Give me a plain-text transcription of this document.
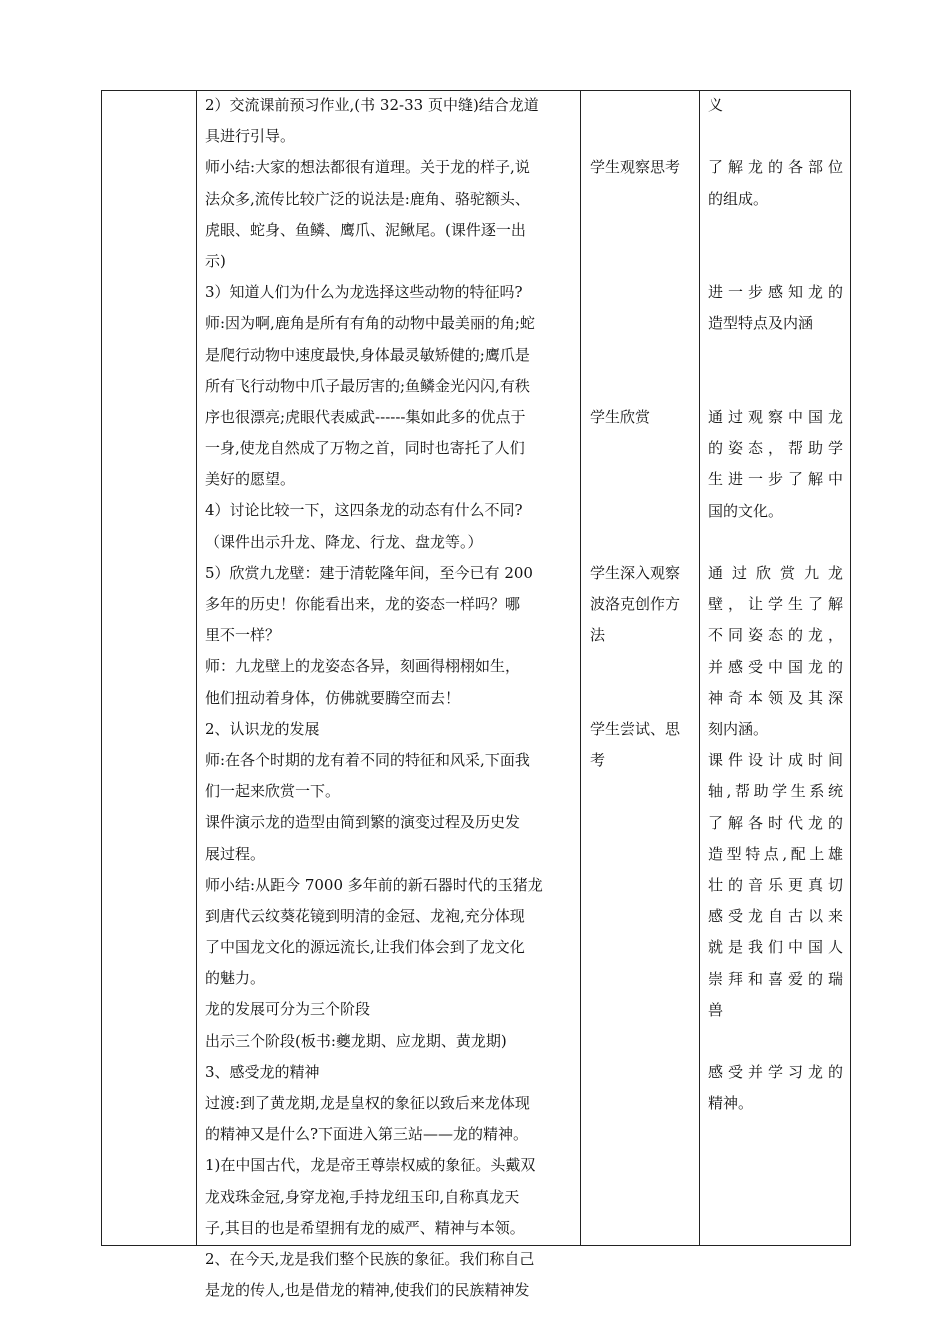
2）交流课前预习作业,(书 32-33 页中缝)结合龙道
具进行引导。
师小结:大家的想法都很有道理。关于龙的样子,说
法众多,流传比较广泛的说法是:鹿角、骆驼额头、
虎眼、蛇身、鱼鳞、鹰爪、泥鳅尾。(课件逐一出
示)
3）知道人们为什么为龙选择这些动物的特征吗?
师:因为啊,鹿角是所有有角的动物中最美丽的角;蛇
是爬行动物中速度最快,身体最灵敏矫健的;鹰爪是
所有飞行动物中爪子最厉害的;鱼鳞金光闪闪,有秩
序也很漂亮;虎眼代表威武------集如此多的优点于
一身,使龙自然成了万物之首，同时也寄托了人们
美好的愿望。
4）讨论比较一下，这四条龙的动态有什么不同?
（课件出示升龙、降龙、行龙、盘龙等。）
5）欣赏九龙壁：建于清乾隆年间，至今已有 200
多年的历史！你能看出来，龙的姿态一样吗？哪
里不一样？
师：九龙壁上的龙姿态各异，刻画得栩栩如生，
他们扭动着身体，仿佛就要腾空而去！
2、认识龙的发展
师:在各个时期的龙有着不同的特征和风采,下面我
们一起来欣赏一下。
课件演示龙的造型由简到繁的演变过程及历史发
展过程。
师小结:从距今 7000 多年前的新石器时代的玉猪龙
到唐代云纹葵花镜到明清的金冠、龙袍,充分体现
了中国龙文化的源远流长,让我们体会到了龙文化
的魅力。
龙的发展可分为三个阶段
出示三个阶段(板书:夔龙期、应龙期、黄龙期)
3、感受龙的精神
过渡:到了黄龙期,龙是皇权的象征以致后来龙体现
的精神又是什么?下面进入第三站——龙的精神。
1)在中国古代，龙是帝王尊崇权威的象征。头戴双
龙戏珠金冠,身穿龙袍,手持龙纽玉印,自称真龙天
子,其目的也是希望拥有龙的威严、精神与本领。
2、在今天,龙是我们整个民族的象征。我们称自己
是龙的传人,也是借龙的精神,使我们的民族精神发
学生观察思考
学生欣赏
学生深入观察
波洛克创作方
法
学生尝试、思
考
义
了解龙的各部位
的组成。
进一步感知龙的
造型特点及内涵
通过观察中国龙
的姿态，帮助学
生进一步了解中
国的文化。
通过欣赏九龙
壁，让学生了解
不同姿态的龙，
并感受中国龙的
神奇本领及其深
刻内涵。
课件设计成时间
轴,帮助学生系统
了解各时代龙的
造型特点,配上雄
壮的音乐更真切
感受龙自古以来
就是我们中国人
崇拜和喜爱的瑞
兽
感受并学习龙的
精神。
